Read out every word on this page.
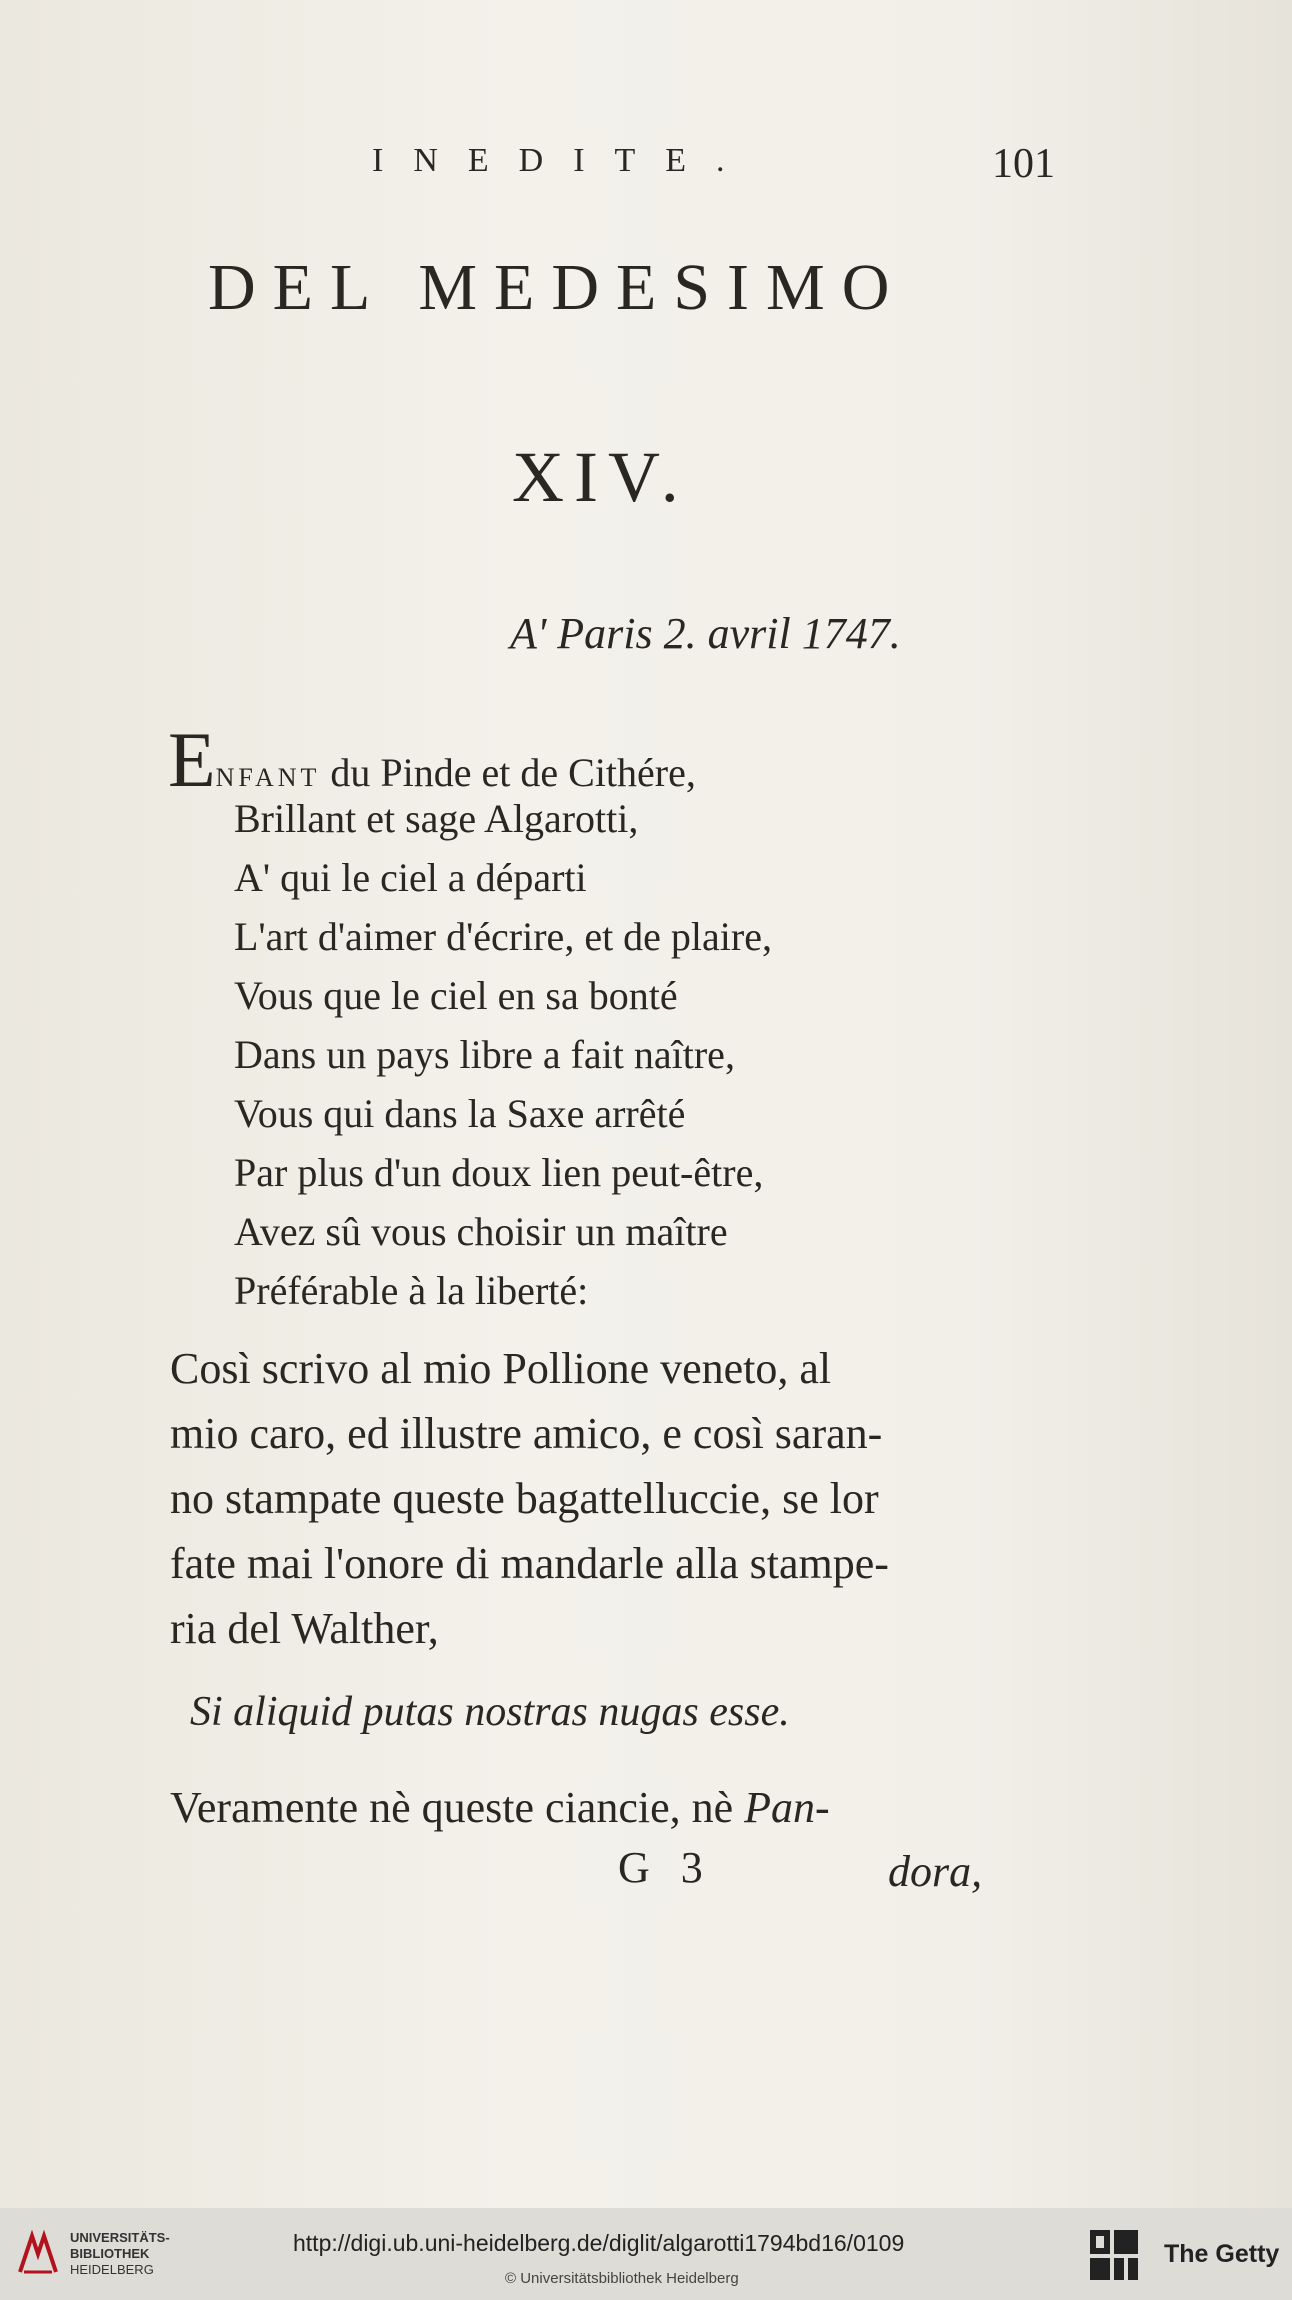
INEDITE.	101
DEL MEDESIMO
XIV.
A' Paris 2. avril 1747.
ENFANT du Pinde et de Cithére,
Brillant et sage Algarotti,
A' qui le ciel a départi
L'art d'aimer d'écrire, et de plaire,
Vous que le ciel en sa bonté
Dans un pays libre a fait naître,
Vous qui dans la Saxe arrêté
Par plus d'un doux lien peut-être,
Avez sû vous choisir un maître
Préférable à la liberté:
Così scrivo al mio Pollione veneto, al
mio caro, ed illustre amico, e così saran-
no stampate queste bagattelluccie, se lor
fate mai l'onore di mandarle alla stampe-
ria del Walther,
Si aliquid putas nostras nugas esse.
Veramente nè queste ciancie, nè Pan-
G 3	dora,
UNIVERSITÄTS-
BIBLIOTHEK
HEIDELBERG
http://digi.ub.uni-heidelberg.de/diglit/algarotti1794bd16/0109
© Universitätsbibliothek Heidelberg
The Getty
